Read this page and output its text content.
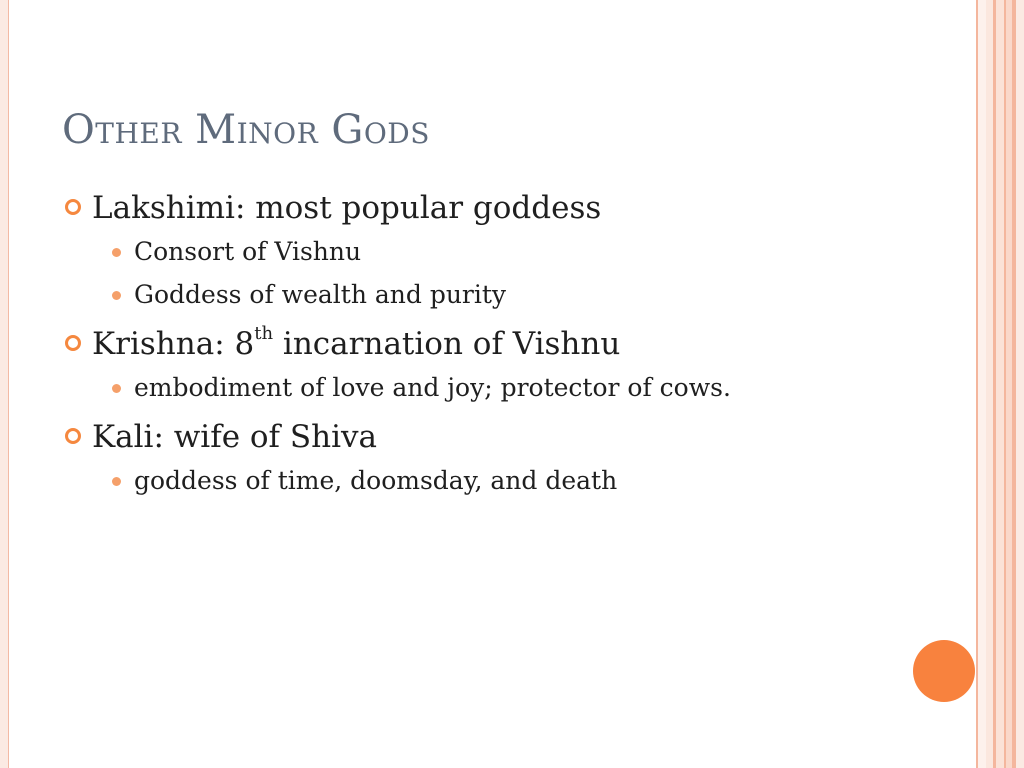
Other Minor Gods
Lakshimi: most popular goddess
Consort of Vishnu
Goddess of wealth and purity
Krishna: 8th incarnation of Vishnu
embodiment of love and joy; protector of cows.
Kali: wife of Shiva
goddess of time, doomsday, and death
